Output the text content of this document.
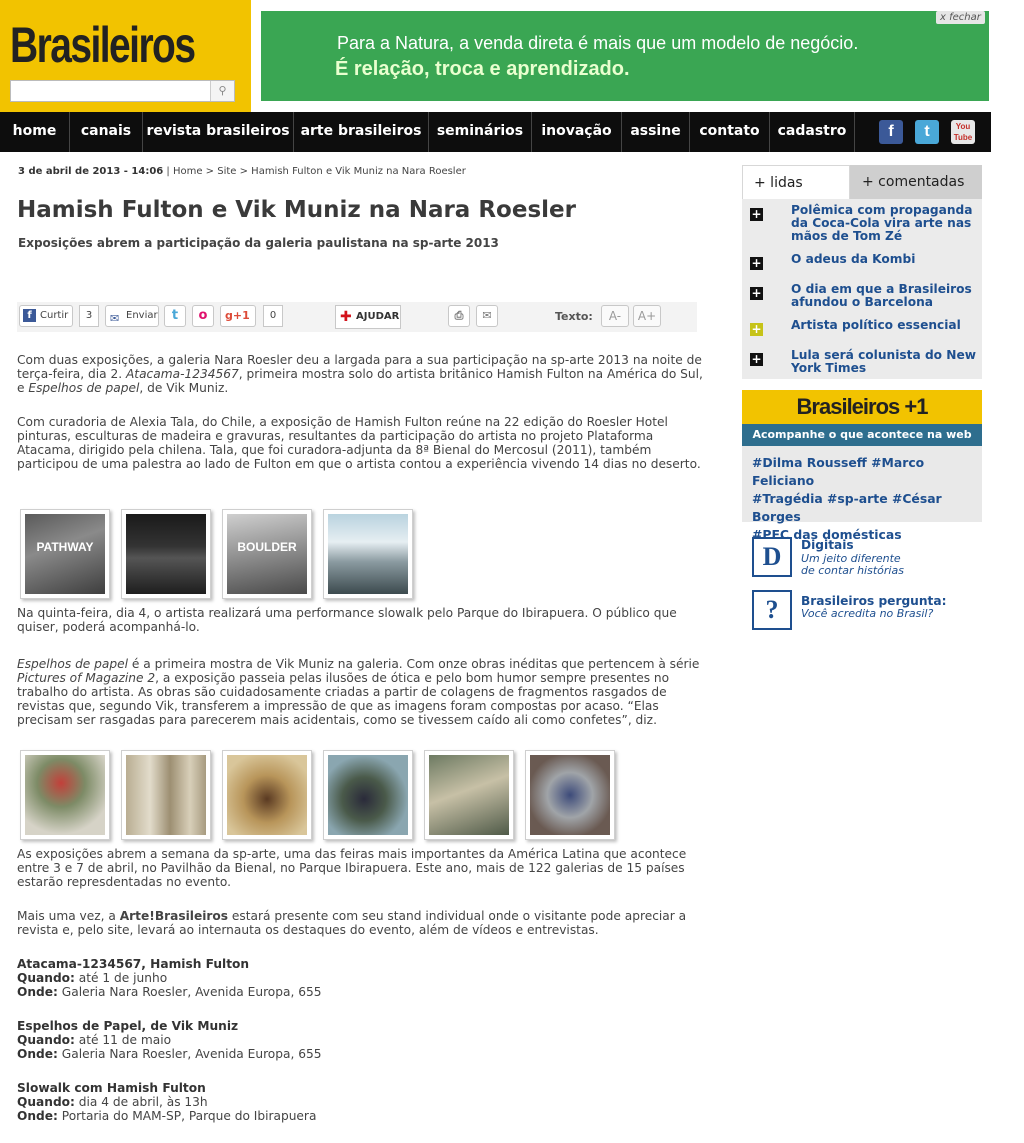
Brasileiros
⚲
Para a Natura, a venda direta é mais que um modelo de negócio.
É relação, troca e aprendizado.
x fechar
home	canais	revista brasileiros arte brasileiros	seminários	inovação	assine	contato	cadastro	f	t	You Tube
3 de abril de 2013 - 14:06 | Home > Site > Hamish Fulton e Vik Muniz na Nara Roesler
Hamish Fulton e Vik Muniz na Nara Roesler
Exposições abrem a participação da galeria paulistana na sp-arte 2013
f Curtir	3	✉ Enviar	t	o	g+1	0	✚ AJUDAR	⎙	✉	Texto:	A-	A+
Com duas exposições, a galeria Nara Roesler deu a largada para a sua participação na sp-arte 2013 na noite de terça-feira, dia 2. Atacama-1234567, primeira mostra solo do artista britânico Hamish Fulton na América do Sul, e Espelhos de papel, de Vik Muniz.
Com curadoria de Alexia Tala, do Chile, a exposição de Hamish Fulton reúne na 22 edição do Roesler Hotel pinturas, esculturas de madeira e gravuras, resultantes da participação do artista no projeto Plataforma Atacama, dirigido pela chilena. Tala, que foi curadora-adjunta da 8ª Bienal do Mercosul (2011), também participou de uma palestra ao lado de Fulton em que o artista contou a experiência vivendo 14 dias no deserto.
PATHWAY	BOULDER
Na quinta-feira, dia 4, o artista realizará uma performance slowalk pelo Parque do Ibirapuera. O público que quiser, poderá acompanhá-lo.
Espelhos de papel é a primeira mostra de Vik Muniz na galeria. Com onze obras inéditas que pertencem à série Pictures of Magazine 2, a exposição passeia pelas ilusões de ótica e pelo bom humor sempre presentes no trabalho do artista. As obras são cuidadosamente criadas a partir de colagens de fragmentos rasgados de revistas que, segundo Vik, transferem a impressão de que as imagens foram compostas por acaso. “Elas precisam ser rasgadas para parecerem mais acidentais, como se tivessem caído ali como confetes”, diz.
As exposições abrem a semana da sp-arte, uma das feiras mais importantes da América Latina que acontece entre 3 e 7 de abril, no Pavilhão da Bienal, no Parque Ibirapuera. Este ano, mais de 122 galerias de 15 países estarão represdentadas no evento.
Mais uma vez, a Arte!Brasileiros estará presente com seu stand individual onde o visitante pode apreciar a revista e, pelo site, levará ao internauta os destaques do evento, além de vídeos e entrevistas.
Atacama-1234567, Hamish Fulton
Quando: até 1 de junho
Onde: Galeria Nara Roesler, Avenida Europa, 655
Espelhos de Papel, de Vik Muniz
Quando: até 11 de maio
Onde: Galeria Nara Roesler, Avenida Europa, 655
Slowalk com Hamish Fulton
Quando: dia 4 de abril, às 13h
Onde: Portaria do MAM-SP, Parque do Ibirapuera
+ lidas	+ comentadas
+ Polêmica com propaganda da Coca-Cola vira arte nas mãos de Tom Zé
+ O adeus da Kombi
+ O dia em que a Brasileiros afundou o Barcelona
+ Artista político essencial
+ Lula será colunista do New York Times
Brasileiros +1
Acompanhe o que acontece na web
#Dilma Rousseff #Marco Feliciano
#Tragédia #sp-arte #César Borges
#PEC das domésticas
D	Digitais
Um jeito diferente
de contar histórias
?	Brasileiros pergunta:
Você acredita no Brasil?
